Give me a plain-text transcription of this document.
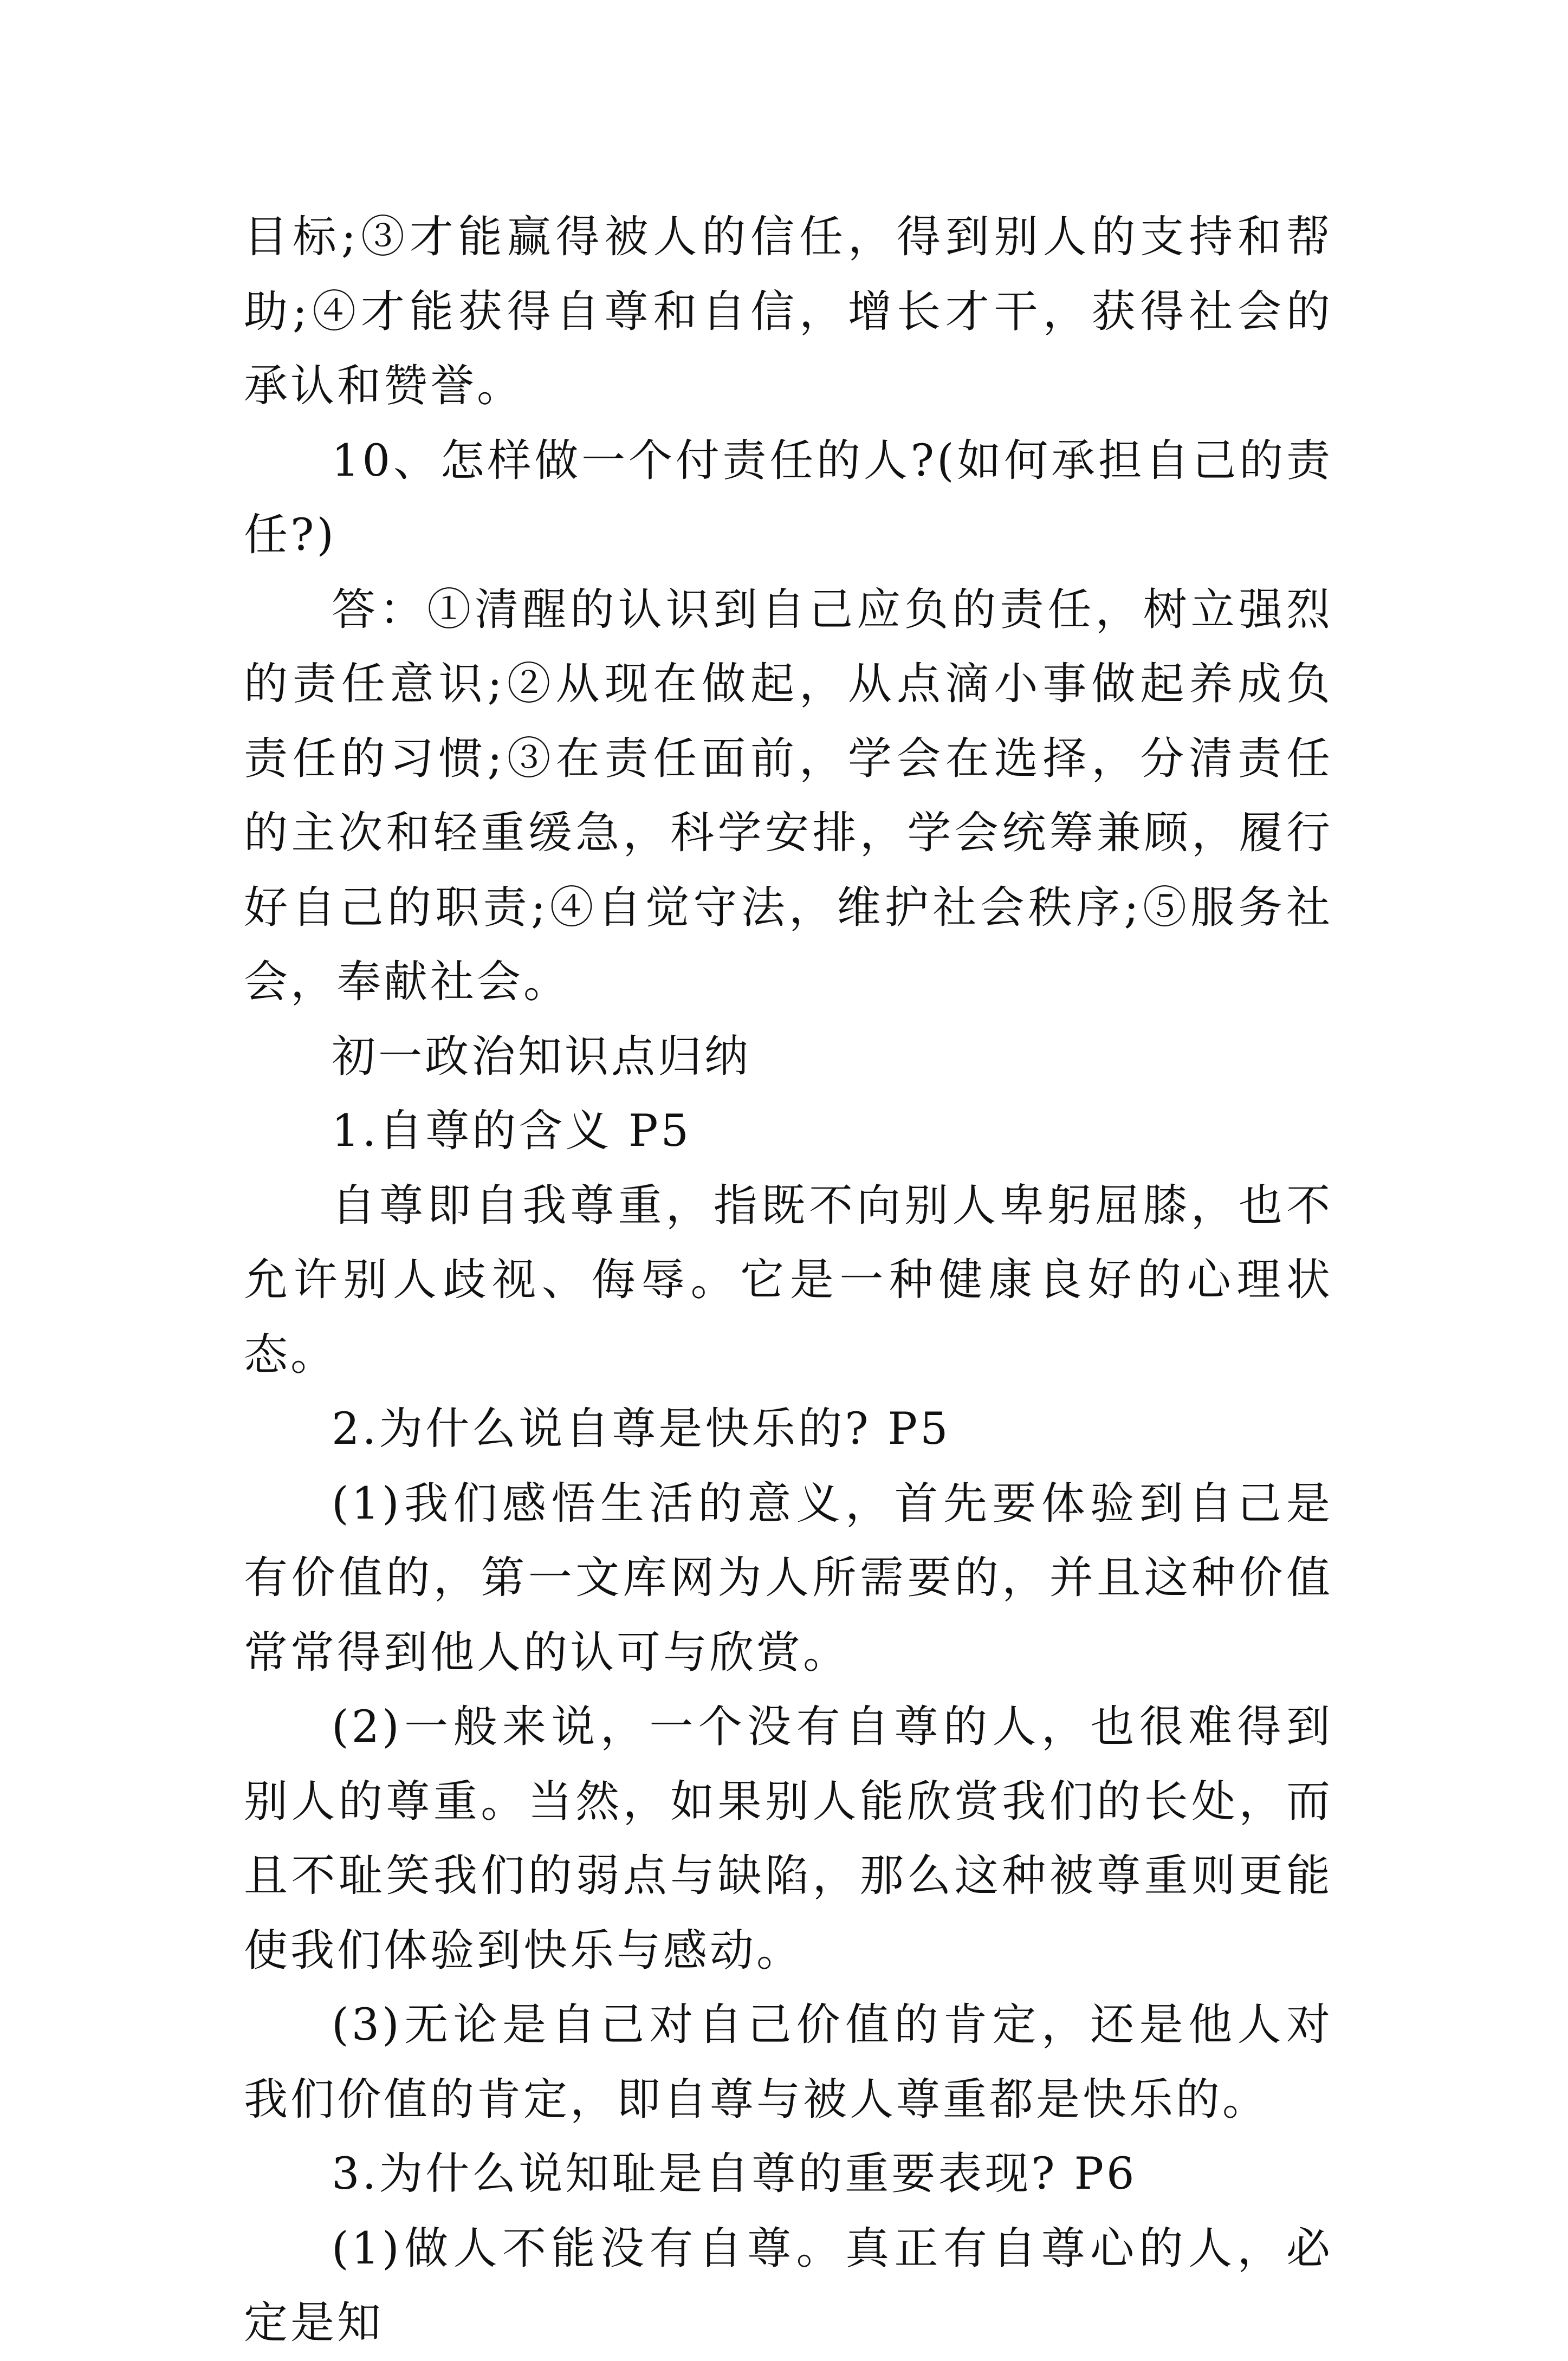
目标;③才能赢得被人的信任，得到别人的支持和帮助;④才能获得自尊和自信，增长才干，获得社会的承认和赞誉。

10、怎样做一个付责任的人?(如何承担自己的责任?)

答：①清醒的认识到自己应负的责任，树立强烈的责任意识;②从现在做起，从点滴小事做起养成负责任的习惯;③在责任面前，学会在选择，分清责任的主次和轻重缓急，科学安排，学会统筹兼顾，履行好自己的职责;④自觉守法，维护社会秩序;⑤服务社会，奉献社会。

初一政治知识点归纳

1.自尊的含义 P5

自尊即自我尊重，指既不向别人卑躬屈膝，也不允许别人歧视、侮辱。它是一种健康良好的心理状态。

2.为什么说自尊是快乐的? P5

(1)我们感悟生活的意义，首先要体验到自己是有价值的，第一文库网为人所需要的，并且这种价值常常得到他人的认可与欣赏。

(2)一般来说，一个没有自尊的人，也很难得到别人的尊重。当然，如果别人能欣赏我们的长处，而且不耻笑我们的弱点与缺陷，那么这种被尊重则更能使我们体验到快乐与感动。

(3)无论是自己对自己价值的肯定，还是他人对我们价值的肯定，即自尊与被人尊重都是快乐的。

3.为什么说知耻是自尊的重要表现? P6

(1)做人不能没有自尊。真正有自尊心的人，必定是知
